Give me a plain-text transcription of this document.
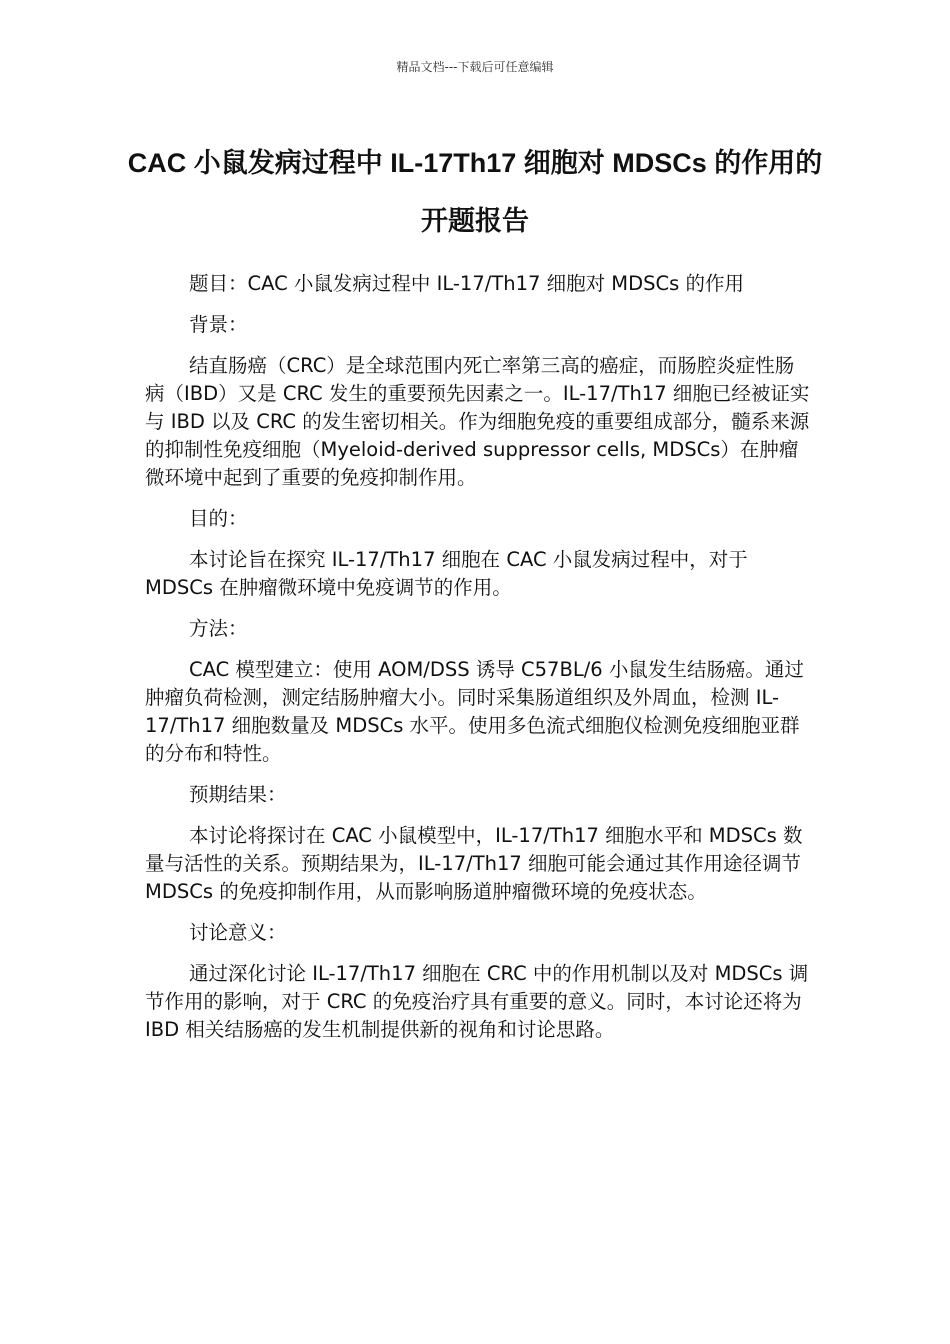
精品文档---下载后可任意编辑
CAC 小鼠发病过程中 IL-17Th17 细胞对 MDSCs 的作用的开题报告

题目：CAC 小鼠发病过程中 IL-17/Th17 细胞对 MDSCs 的作用

背景：

结直肠癌（CRC）是全球范围内死亡率第三高的癌症，而肠腔炎症性肠病（IBD）又是 CRC 发生的重要预先因素之一。IL-17/Th17 细胞已经被证实与 IBD 以及 CRC 的发生密切相关。作为细胞免疫的重要组成部分，髓系来源的抑制性免疫细胞（Myeloid-derived suppressor cells, MDSCs）在肿瘤微环境中起到了重要的免疫抑制作用。

目的：

本讨论旨在探究 IL-17/Th17 细胞在 CAC 小鼠发病过程中，对于 MDSCs 在肿瘤微环境中免疫调节的作用。

方法：

CAC 模型建立：使用 AOM/DSS 诱导 C57BL/6 小鼠发生结肠癌。通过肿瘤负荷检测，测定结肠肿瘤大小。同时采集肠道组织及外周血，检测 IL-17/Th17 细胞数量及 MDSCs 水平。使用多色流式细胞仪检测免疫细胞亚群的分布和特性。

预期结果：

本讨论将探讨在 CAC 小鼠模型中，IL-17/Th17 细胞水平和 MDSCs 数量与活性的关系。预期结果为，IL-17/Th17 细胞可能会通过其作用途径调节 MDSCs 的免疫抑制作用，从而影响肠道肿瘤微环境的免疫状态。

讨论意义：

通过深化讨论 IL-17/Th17 细胞在 CRC 中的作用机制以及对 MDSCs 调节作用的影响，对于 CRC 的免疫治疗具有重要的意义。同时，本讨论还将为 IBD 相关结肠癌的发生机制提供新的视角和讨论思路。
